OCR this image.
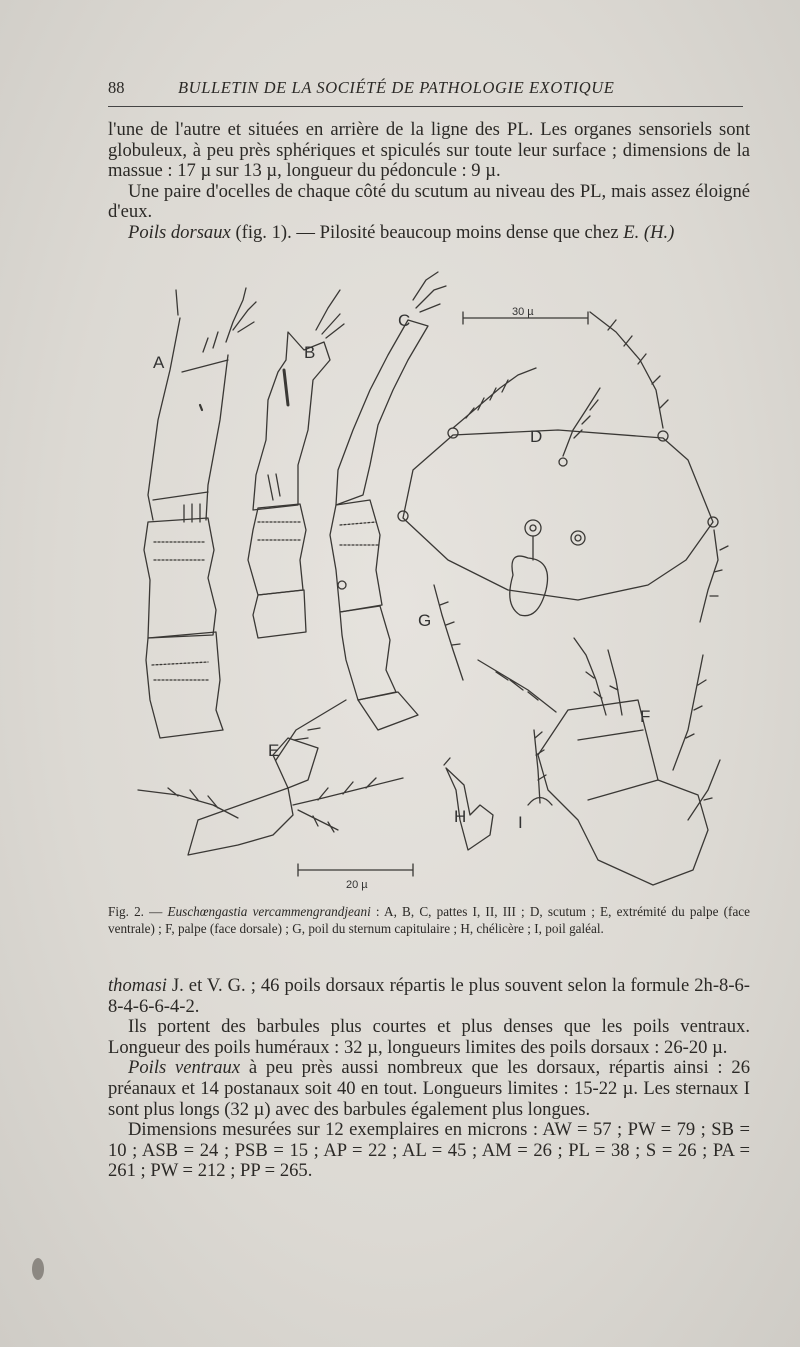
88	BULLETIN DE LA SOCIÉTÉ DE PATHOLOGIE EXOTIQUE

l'une de l'autre et situées en arrière de la ligne des PL. Les organes sensoriels sont globuleux, à peu près sphériques et spiculés sur toute leur surface ; dimensions de la massue : 17 µ sur 13 µ, longueur du pédoncule : 9 µ.

Une paire d'ocelles de chaque côté du scutum au niveau des PL, mais assez éloigné d'eux.

Poils dorsaux (fig. 1). — Pilosité beaucoup moins dense que chez E. (H.)

A
B
C
D
E
F
G
H	I
30 µ
20 µ
Fig. 2. — Euschœngastia vercammengrandjeani : A, B, C, pattes I, II, III ; D, scutum ; E, extrémité du palpe (face ventrale) ; F, palpe (face dorsale) ; G, poil du sternum capitulaire ; H, chélicère ; I, poil galéal.

thomasi J. et V. G. ; 46 poils dorsaux répartis le plus souvent selon la formule 2h-8-6-8-4-6-6-4-2.

Ils portent des barbules plus courtes et plus denses que les poils ventraux. Longueur des poils huméraux : 32 µ, longueurs limites des poils dorsaux : 26-20 µ.

Poils ventraux à peu près aussi nombreux que les dorsaux, répartis ainsi : 26 préanaux et 14 postanaux soit 40 en tout. Longueurs limites : 15-22 µ. Les sternaux I sont plus longs (32 µ) avec des barbules également plus longues.

Dimensions mesurées sur 12 exemplaires en microns : AW = 57 ; PW = 79 ; SB = 10 ; ASB = 24 ; PSB = 15 ; AP = 22 ; AL = 45 ; AM = 26 ; PL = 38 ; S = 26 ; PA = 261 ; PW = 212 ; PP = 265.
